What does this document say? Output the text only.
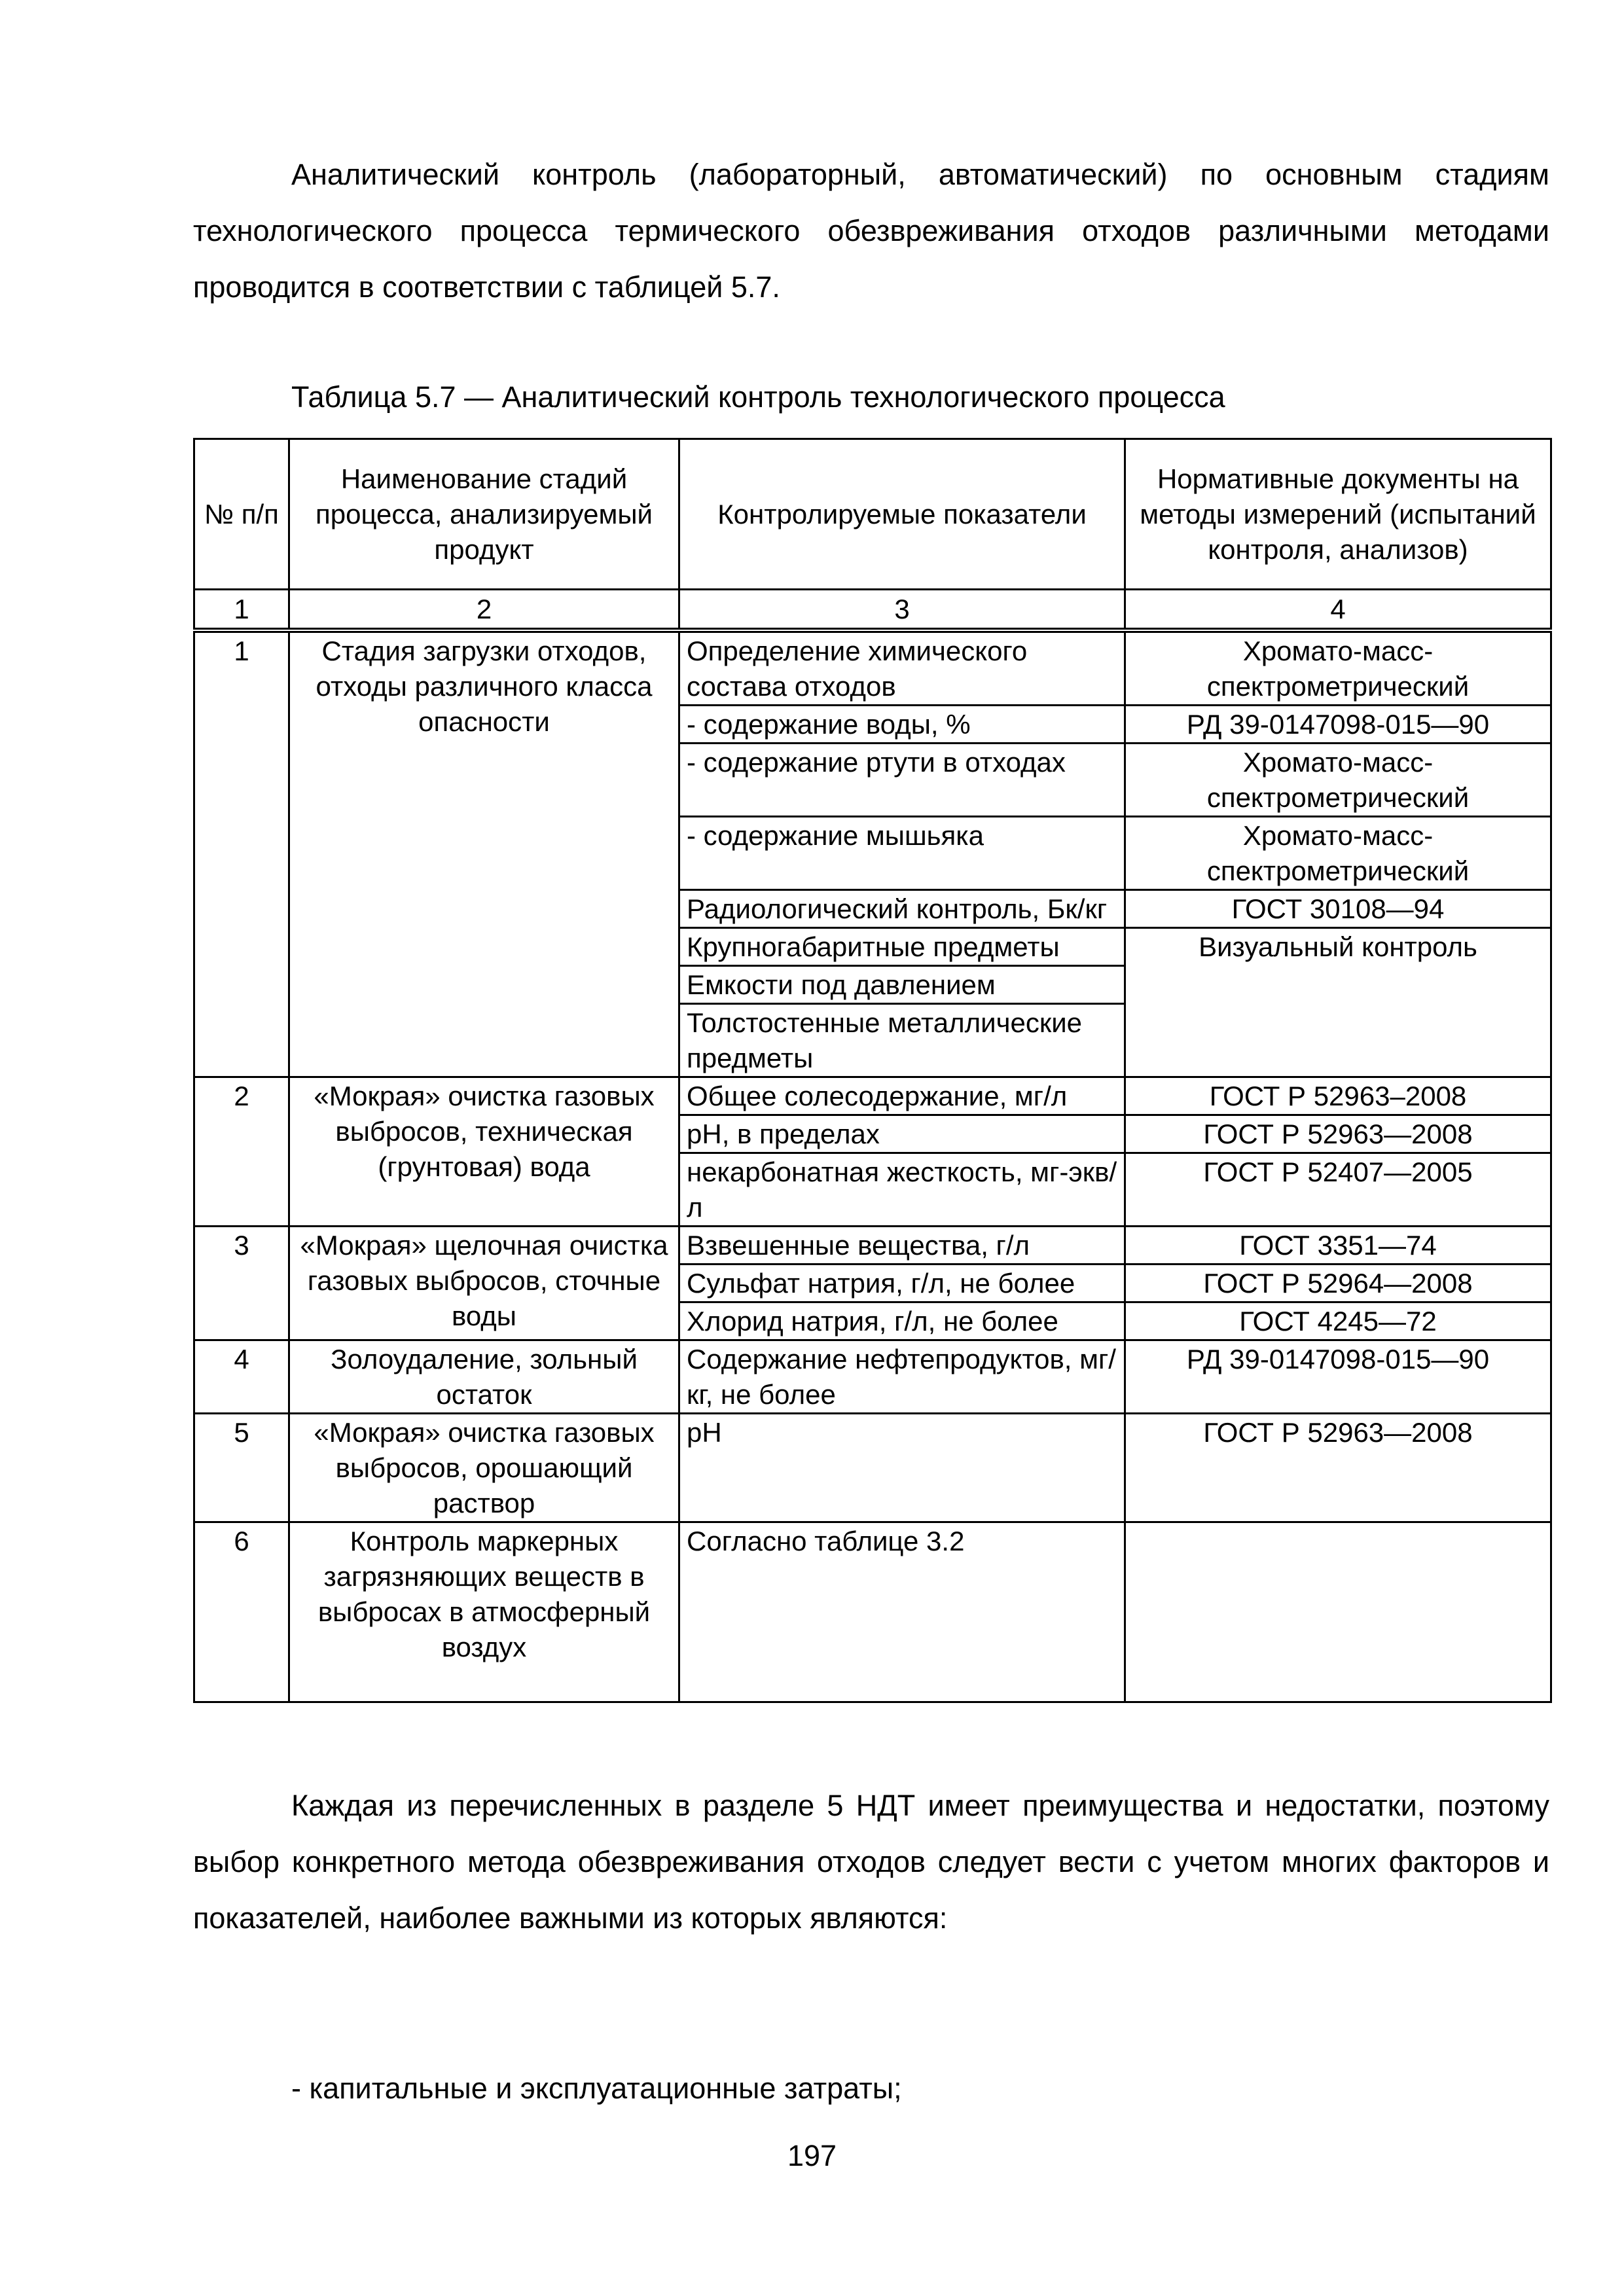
Аналитический контроль (лабораторный, автоматический) по основным стадиям технологического процесса термического обезвреживания отходов различными методами проводится в соответствии с таблицей 5.7.

Таблица 5.7 — Аналитический контроль технологического процесса

№ п/п	Наименование стадий процесса, анализируемый продукт	Контролируемые показатели	Нормативные документы на методы измерений (испытаний контроля, анализов)
1	2	3	4
1	Стадия загрузки отходов, отходы различного класса опасности	Определение химического состава отходов	Хромато-масс-спектрометрический
		- содержание воды, %	РД 39-0147098-015—90
		- содержание ртути в отходах	Хромато-масс-спектрометрический
		- содержание мышьяка	Хромато-масс-спектрометрический
		Радиологический контроль, Бк/кг	ГОСТ 30108—94
		Крупногабаритные предметы	Визуальный контроль
		Емкости под давлением	
		Толстостенные металлические предметы	
2	«Мокрая» очистка газовых выбросов, техническая (грунтовая) вода	Общее солесодержание, мг/л	ГОСТ Р 52963–2008
		рН, в пределах	ГОСТ Р 52963—2008
		некарбонатная жесткость, мг-экв/л	ГОСТ Р 52407—2005
3	«Мокрая» щелочная очистка газовых выбросов, сточные воды	Взвешенные вещества, г/л	ГОСТ 3351—74
		Сульфат натрия, г/л, не более	ГОСТ Р 52964—2008
		Хлорид натрия, г/л, не более	ГОСТ 4245—72
4	Золоудаление, зольный остаток	Содержание нефтепродуктов, мг/кг, не более	РД 39-0147098-015—90
5	«Мокрая» очистка газовых выбросов, орошающий раствор	рН	ГОСТ Р 52963—2008
6	Контроль маркерных загрязняющих веществ в выбросах в атмосферный воздух	Согласно таблице 3.2	

Каждая из перечисленных в разделе 5 НДТ имеет преимущества и недостатки, поэтому выбор конкретного метода обезвреживания отходов следует вести с учетом многих факторов и показателей, наиболее важными из которых являются:

- капитальные и эксплуатационные затраты;

197
